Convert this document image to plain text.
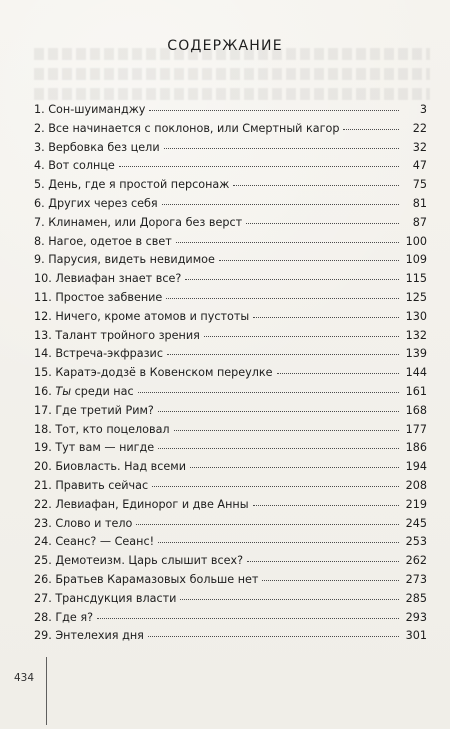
СОДЕРЖАНИЕ
1. Сон-шуиманджу	3
2. Все начинается с поклонов, или Смертный кагор	22
3. Вербовка без цели	32
4. Вот солнце	47
5. День, где я простой персонаж	75
6. Других через себя	81
7. Клинамен, или Дорога без верст	87
8. Нагое, одетое в свет	100
9. Парусия, видеть невидимое	109
10. Левиафан знает все?	115
11. Простое забвение	125
12. Ничего, кроме атомов и пустоты	130
13. Талант тройного зрения	132
14. Встреча-экфразис	139
15. Каратэ-додзё в Ковенском переулке	144
16. Ты среди нас	161
17. Где третий Рим?	168
18. Тот, кто поцеловал	177
19. Тут вам — нигде	186
20. Биовласть. Над всеми	194
21. Править сейчас	208
22. Левиафан, Единорог и две Анны	219
23. Слово и тело	245
24. Сеанс? — Сеанс!	253
25. Демотеизм. Царь слышит всех?	262
26. Братьев Карамазовых больше нет	273
27. Трансдукция власти	285
28. Где я?	293
29. Энтелехия дня	301
434
